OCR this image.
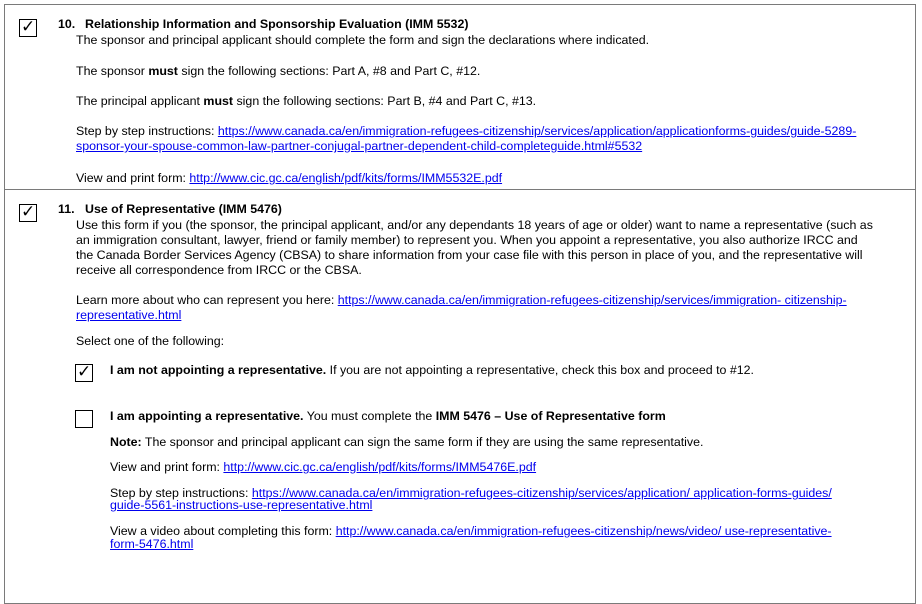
✓ 10. Relationship Information and Sponsorship Evaluation (IMM 5532)
The sponsor and principal applicant should complete the form and sign the declarations where indicated.
The sponsor must sign the following sections: Part A, #8 and Part C, #12.
The principal applicant must sign the following sections: Part B, #4 and Part C, #13.
Step by step instructions: https://www.canada.ca/en/immigration-refugees-citizenship/services/application/applicationforms-guides/guide-5289-
sponsor-your-spouse-common-law-partner-conjugal-partner-dependent-child-completeguide.html#5532
View and print form: http://www.cic.gc.ca/english/pdf/kits/forms/IMM5532E.pdf
✓ 11. Use of Representative (IMM 5476)
Use this form if you (the sponsor, the principal applicant, and/or any dependants 18 years of age or older) want to name a representative (such as
an immigration consultant, lawyer, friend or family member) to represent you. When you appoint a representative, you also authorize IRCC and
the Canada Border Services Agency (CBSA) to share information from your case file with this person in place of you, and the representative will
receive all correspondence from IRCC or the CBSA.
Learn more about who can represent you here: https://www.canada.ca/en/immigration-refugees-citizenship/services/immigration- citizenship-
representative.html
Select one of the following:
✓ I am not appointing a representative. If you are not appointing a representative, check this box and proceed to #12.
I am appointing a representative. You must complete the IMM 5476 – Use of Representative form
Note: The sponsor and principal applicant can sign the same form if they are using the same representative.
View and print form: http://www.cic.gc.ca/english/pdf/kits/forms/IMM5476E.pdf
Step by step instructions: https://www.canada.ca/en/immigration-refugees-citizenship/services/application/ application-forms-guides/
guide-5561-instructions-use-representative.html
View a video about completing this form: http://www.canada.ca/en/immigration-refugees-citizenship/news/video/ use-representative-
form-5476.html
